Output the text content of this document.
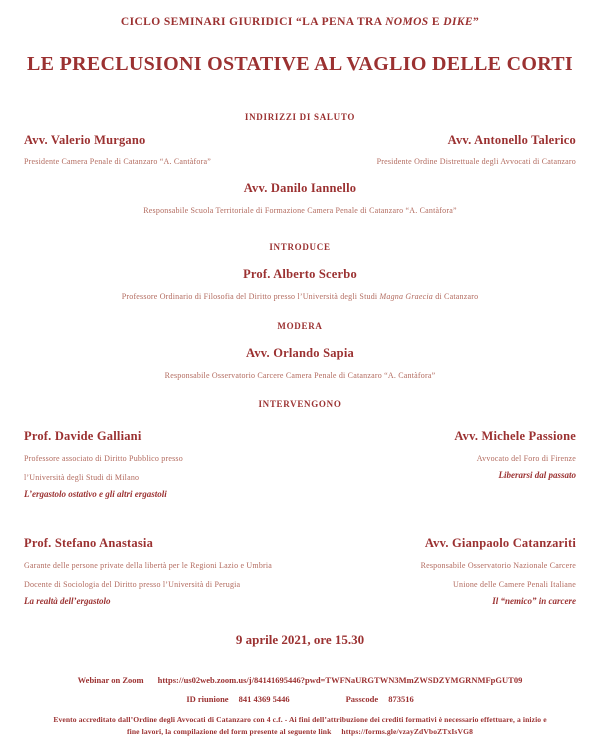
CICLO SEMINARI GIURIDICI “LA PENA TRA NOMOS E DIKE”
LE PRECLUSIONI OSTATIVE AL VAGLIO DELLE CORTI
INDIRIZZI DI SALUTO
Avv. Valerio Murgano
Presidente Camera Penale di Catanzaro “A. Cantàfora”
Avv. Antonello Talerico
Presidente Ordine Distrettuale degli Avvocati di Catanzaro
Avv. Danilo Iannello
Responsabile Scuola Territoriale di Formazione Camera Penale di Catanzaro “A. Cantàfora”
INTRODUCE
Prof. Alberto Scerbo
Professore Ordinario di Filosofia del Diritto presso l’Università degli Studi Magna Graecia di Catanzaro
MODERA
Avv. Orlando Sapia
Responsabile Osservatorio Carcere Camera Penale di Catanzaro “A. Cantàfora”
INTERVENGONO
Prof. Davide Galliani
Professore associato di Diritto Pubblico presso
l’Università degli Studi di Milano
L’ergastolo ostativo e gli altri ergastoli
Avv. Michele Passione
Avvocato del Foro di Firenze
Liberarsi dal passato
Prof. Stefano Anastasia
Garante delle persone private della libertà per le Regioni Lazio e Umbria
Docente di Sociologia del Diritto presso l’Università di Perugia
La realtà dell’ergastolo
Avv. Gianpaolo Catanzariti
Responsabile Osservatorio Nazionale Carcere
Unione delle Camere Penali Italiane
Il “nemico” in carcere
9 aprile 2021, ore 15.30
Webinar on Zoom https://us02web.zoom.us/j/84141695446?pwd=TWFNaURGTWN3MmZWSDZYMGRNMFpGUT09
ID riunione 841 4369 5446	Passcode 873516
Evento accreditato dall’Ordine degli Avvocati di Catanzaro con 4 c.f. - Ai fini dell’attribuzione dei crediti formativi è necessario effettuare, a inizio e fine lavori, la compilazione del form presente al seguente link https://forms.gle/vzayZdVboZTxIsVG8
